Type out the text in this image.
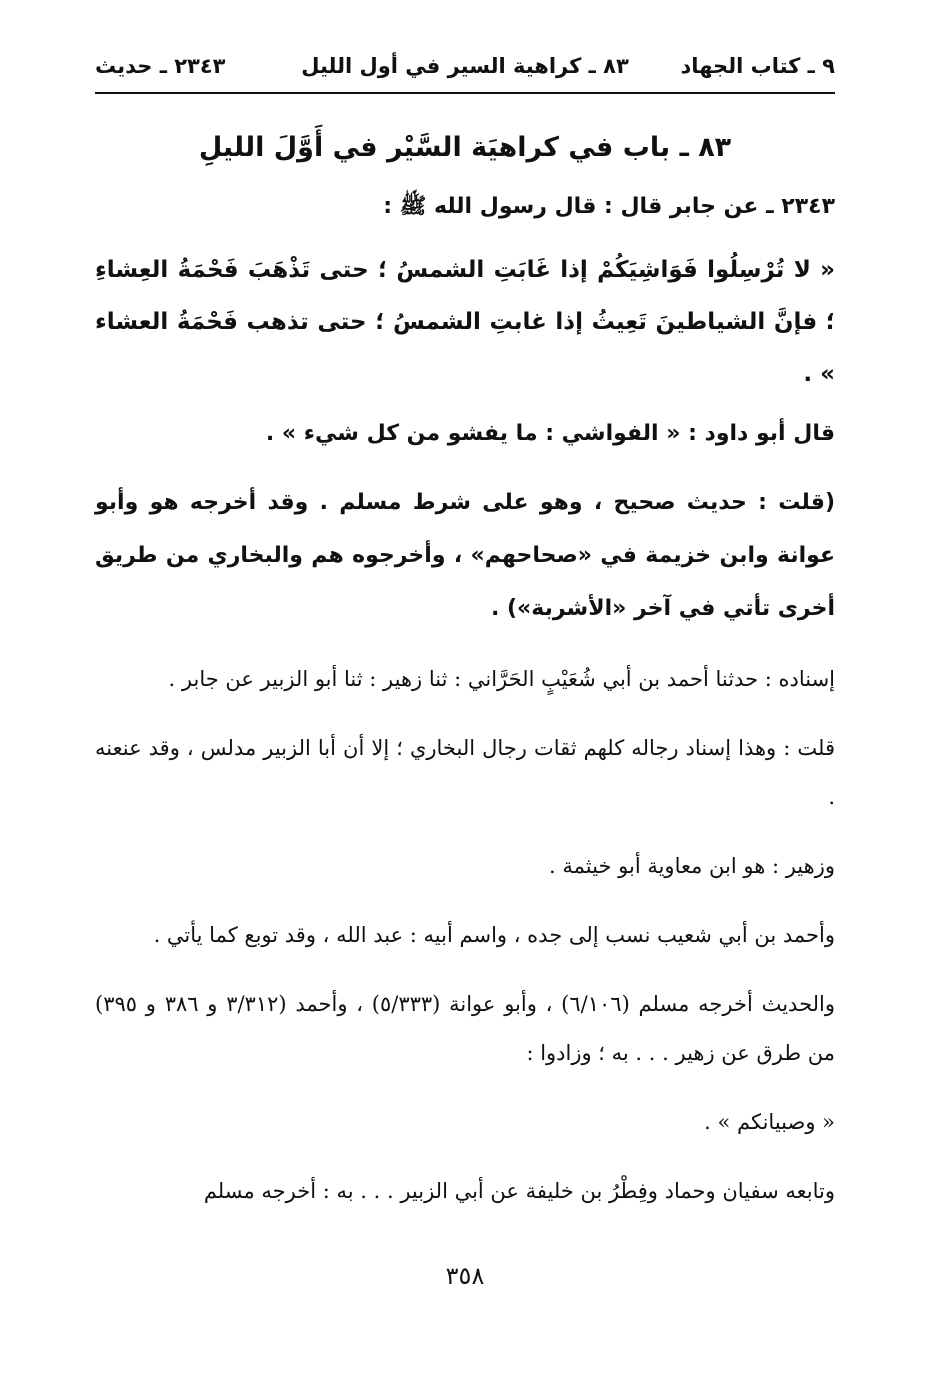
٩ ـ كتاب الجهاد
٨٣ ـ كراهية السير في أول الليل
٢٣٤٣ ـ حديث
٨٣ ـ باب في كراهيَة السَّيْر في أَوَّلَ الليلِ
٢٣٤٣ ـ عن جابر قال : قال رسول الله ﷺ :
« لا تُرْسِلُوا فَوَاشِيَكُمْ إذا غَابَتِ الشمسُ ؛ حتى تَذْهَبَ فَحْمَةُ العِشاءِ ؛ فإنَّ الشياطينَ تَعِيثُ إذا غابتِ الشمسُ ؛ حتى تذهب فَحْمَةُ العشاء » .
قال أبو داود : « الفواشي : ما يفشو من كل شيء » .
(قلت : حديث صحيح ، وهو على شرط مسلم . وقد أخرجه هو وأبو عوانة وابن خزيمة في «صحاحهم» ، وأخرجوه هم والبخاري من طريق أخرى تأتي في آخر «الأشربة») .
إسناده : حدثنا أحمد بن أبي شُعَيْبٍ الحَرَّاني : ثنا زهير : ثنا أبو الزبير عن جابر .
قلت : وهذا إسناد رجاله كلهم ثقات رجال البخاري ؛ إلا أن أبا الزبير مدلس ، وقد عنعنه .
وزهير : هو ابن معاوية أبو خيثمة .
وأحمد بن أبي شعيب نسب إلى جده ، واسم أبيه : عبد الله ، وقد توبع كما يأتي .
والحديث أخرجه مسلم (٦/١٠٦) ، وأبو عوانة (٥/٣٣٣) ، وأحمد (٣/٣١٢ و ٣٨٦ و ٣٩٥) من طرق عن زهير . . . به ؛ وزادوا :
« وصبيانكم » .
وتابعه سفيان وحماد وفِطْرُ بن خليفة عن أبي الزبير . . . به : أخرجه مسلم
٣٥٨
